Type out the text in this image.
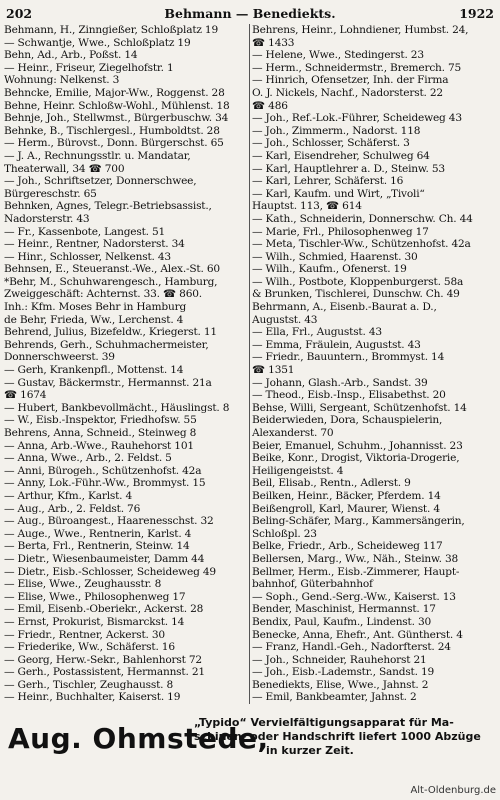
202	Behmann — Benediekts.	1922
Behmann, H., Zinngießer, Schloßplatz 19
— Schwantje, Wwe., Schloßplatz 19
Behn, Ad., Arb., Poßst. 14
— Heinr., Friseur, Ziegelhofstr. 1
Wohnung: Nelkenst. 3
Behncke, Emilie, Major-Ww., Roggenst. 28
Behne, Heinr. Schloßw-Wohl., Mühlenst. 18
Behnje, Joh., Stellwmst., Bürgerbuschw. 34
Behnke, B., Tischlergesl., Humboldtst. 28
— Herm., Bürovst., Donn. Bürgerschst. 65
— J. A., Rechnungsstlr. u. Mandatar,
Theaterwall, 34 ☎ 700
— Joh., Schriftsetzer, Donnerschwee,
Bürgereschstr. 65
Behnken, Agnes, Telegr.-Betriebsassist.,
Nadorsterstr. 43
— Fr., Kassenbote, Langest. 51
— Heinr., Rentner, Nadorsterst. 34
— Hinr., Schlosser, Nelkenst. 43
Behnsen, E., Steueranst.-We., Alex.-St. 60
*Behr, M., Schuhwarengesch., Hamburg,
Zweiggeschäft: Achternst. 33. ☎ 860.
Inh.: Kfm. Moses Behr in Hamburg
de Behr, Frieda, Ww., Lerchenst. 4
Behrend, Julius, Bizefeldw., Kriegerst. 11
Behrends, Gerh., Schuhmachermeister,
Donnerschweerst. 39
— Gerh, Krankenpfl., Mottenst. 14
— Gustav, Bäckermstr., Hermannst. 21a
☎ 1674
— Hubert, Bankbevollmächt., Häuslingst. 8
— W., Eisb.-Inspektor, Friedhofsw. 55
Behrens, Anna, Schneid., Steinweg 8
— Anna, Arb.-Wwe., Rauhehorst 101
— Anna, Wwe., Arb., 2. Feldst. 5
— Anni, Bürogeh., Schützenhofst. 42a
— Anny, Lok.-Führ.-Ww., Brommyst. 15
— Arthur, Kfm., Karlst. 4
— Aug., Arb., 2. Feldst. 76
— Aug., Büroangest., Haarenesschst. 32
— Auge., Wwe., Rentnerin, Karlst. 4
— Berta, Frl., Rentnerin, Steinw. 14
— Dietr., Wiesenbaumeister, Damm 44
— Dietr., Eisb.-Schlosser, Scheideweg 49
— Elise, Wwe., Zeughausstr. 8
— Elise, Wwe., Philosophenweg 17
— Emil, Eisenb.-Oberiekr., Ackerst. 28
— Ernst, Prokurist, Bismarckst. 14
— Friedr., Rentner, Ackerst. 30
— Friederike, Ww., Schäferst. 16
— Georg, Herw.-Sekr., Bahlenhorst 72
— Gerh., Postassistent, Hermannst. 21
— Gerh., Tischler, Zeughausst. 8
— Heinr., Buchhalter, Kaiserst. 19
Behrens, Heinr., Lohndiener, Humbst. 24,
☎ 1433
— Helene, Wwe., Stedingerst. 23
— Herm., Schneidermstr., Bremerch. 75
— Hinrich, Ofensetzer, Inh. der Firma
O. J. Nickels, Nachf., Nadorsterst. 22
☎ 486
— Joh., Ref.-Lok.-Führer, Scheideweg 43
— Joh., Zimmerm., Nadorst. 118
— Joh., Schlosser, Schäferst. 3
— Karl, Eisendreher, Schulweg 64
— Karl, Hauptlehrer a. D., Steinw. 53
— Karl, Lehrer, Schäferst. 16
— Karl, Kaufm. und Wirt, „Tivoli“
Hauptst. 113, ☎ 614
— Kath., Schneiderin, Donnerschw. Ch. 44
— Marie, Frl., Philosophenweg 17
— Meta, Tischler-Ww., Schützenhofst. 42a
— Wilh., Schmied, Haarenst. 30
— Wilh., Kaufm., Ofenerst. 19
— Wilh., Postbote, Kloppenburgerst. 58a
& Brunken, Tischlerei, Dunschw. Ch. 49
Behrmann, A., Eisenb.-Baurat a. D.,
Augustst. 43
— Ella, Frl., Augustst. 43
— Emma, Fräulein, Augustst. 43
— Friedr., Bauuntern., Brommyst. 14
☎ 1351
— Johann, Glash.-Arb., Sandst. 39
— Theod., Eisb.-Insp., Elisabethst. 20
Behse, Willi, Sergeant, Schützenhofst. 14
Beiderwieden, Dora, Schauspielerin,
Alexanderst. 70
Beier, Emanuel, Schuhm., Johannisst. 23
Beike, Konr., Drogist, Viktoria-Drogerie,
Heiligengeistst. 4
Beil, Elisab., Rentn., Adlerst. 9
Beilken, Heinr., Bäcker, Pferdem. 14
Beißengroll, Karl, Maurer, Wienst. 4
Beling-Schäfer, Marg., Kammersängerin,
Schloßpl. 23
Belke, Friedr., Arb., Scheideweg 117
Bellersen, Marg., Ww., Näh., Steinw. 38
Bellmer, Herm., Eisb.-Zimmerer, Haupt-
bahnhof, Güterbahnhof
— Soph., Gend.-Serg.-Ww., Kaiserst. 13
Bender, Maschinist, Hermannst. 17
Bendix, Paul, Kaufm., Lindenst. 30
Benecke, Anna, Ehefr., Ant. Güntherst. 4
— Franz, Handl.-Geh., Nadorfterst. 24
— Joh., Schneider, Rauhehorst 21
— Joh., Eisb.-Lademstr., Sandst. 19
Benediekts, Elise, Wwe., Jahnst. 2
— Emil, Bankbeamter, Jahnst. 2
Aug. Ohmstede,
„Typido“ Vervielfältigungsapparat für Ma-
schinen- oder Handschrift liefert 1000 Abzüge
in kurzer Zeit.
Alt-Oldenburg.de
